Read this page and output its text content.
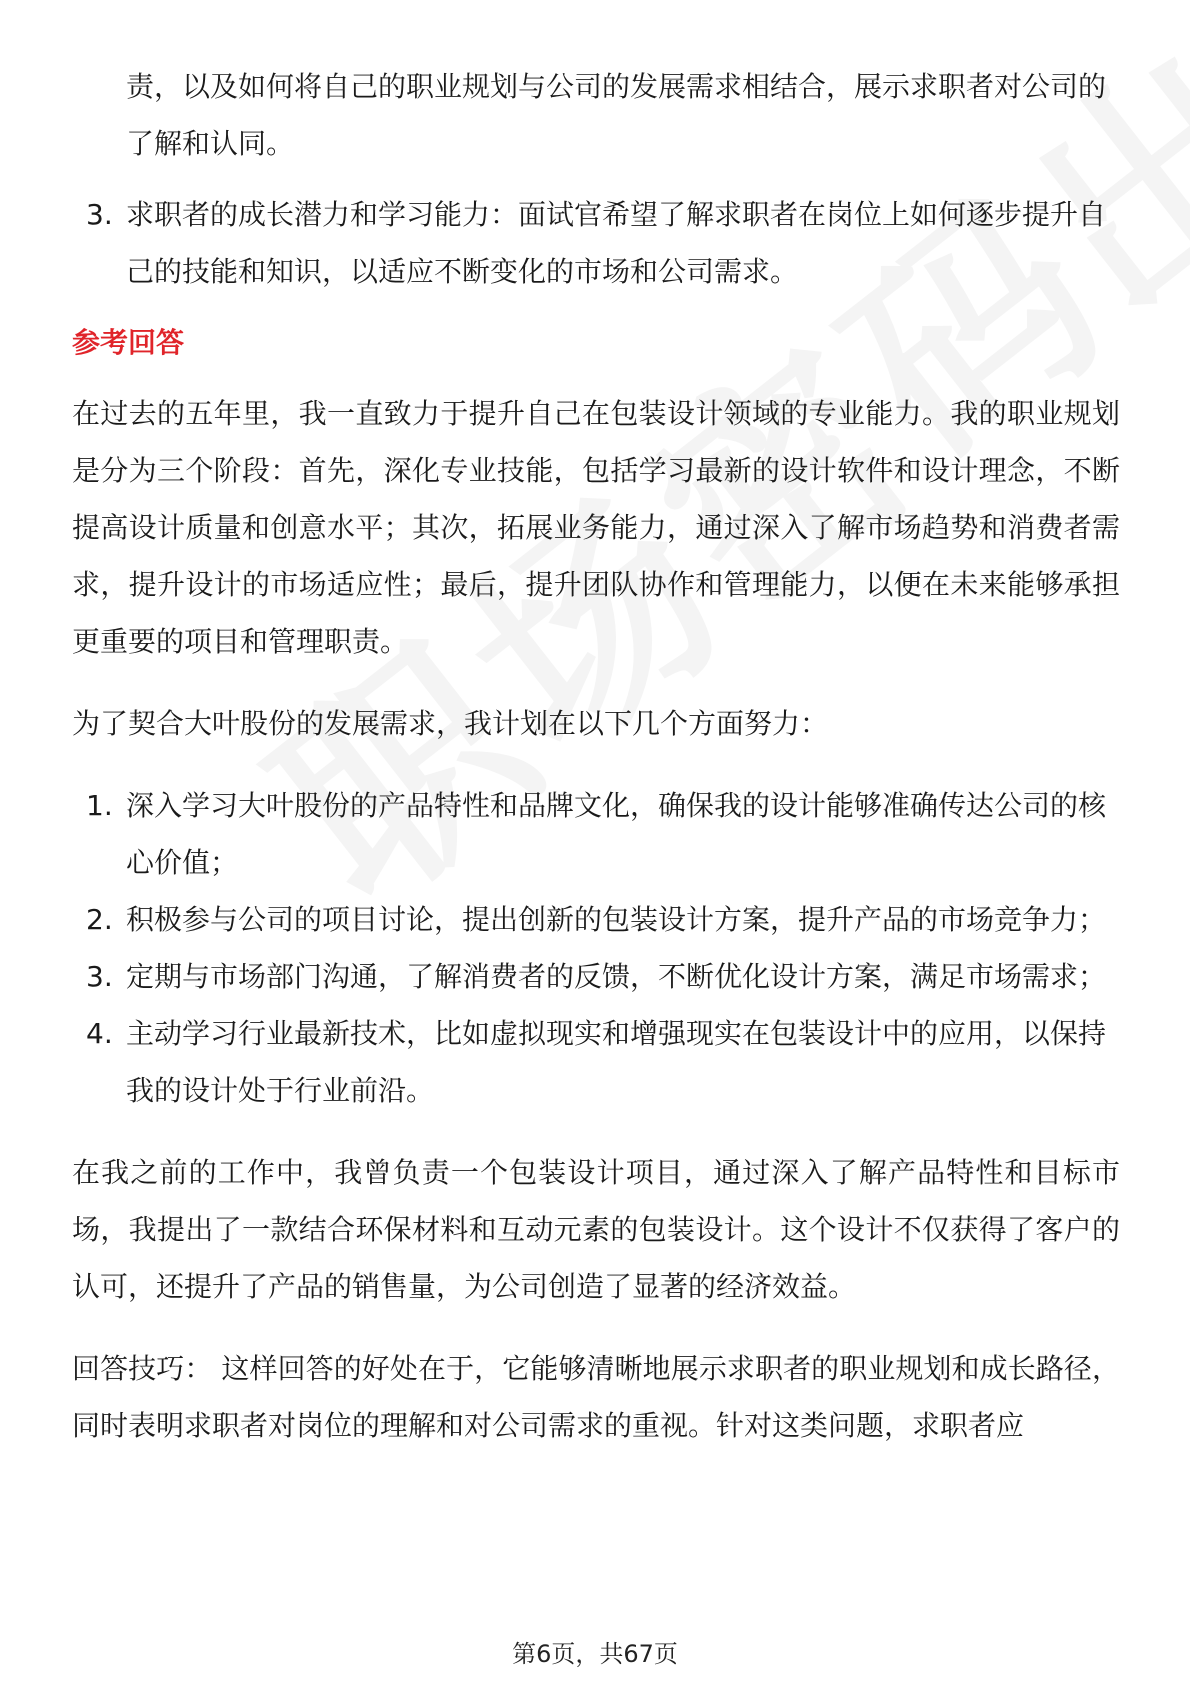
责，以及如何将自己的职业规划与公司的发展需求相结合，展示求职者对公司的了解和认同。

3. 求职者的成长潜力和学习能力：面试官希望了解求职者在岗位上如何逐步提升自己的技能和知识，以适应不断变化的市场和公司需求。

参考回答

在过去的五年里，我一直致力于提升自己在包装设计领域的专业能力。我的职业规划是分为三个阶段：首先，深化专业技能，包括学习最新的设计软件和设计理念，不断提高设计质量和创意水平；其次，拓展业务能力，通过深入了解市场趋势和消费者需求，提升设计的市场适应性；最后，提升团队协作和管理能力，以便在未来能够承担更重要的项目和管理职责。

为了契合大叶股份的发展需求，我计划在以下几个方面努力：

1. 深入学习大叶股份的产品特性和品牌文化，确保我的设计能够准确传达公司的核心价值；
2. 积极参与公司的项目讨论，提出创新的包装设计方案，提升产品的市场竞争力；
3. 定期与市场部门沟通，了解消费者的反馈，不断优化设计方案，满足市场需求；
4. 主动学习行业最新技术，比如虚拟现实和增强现实在包装设计中的应用，以保持我的设计处于行业前沿。

在我之前的工作中，我曾负责一个包装设计项目，通过深入了解产品特性和目标市场，我提出了一款结合环保材料和互动元素的包装设计。这个设计不仅获得了客户的认可，还提升了产品的销售量，为公司创造了显著的经济效益。

回答技巧： 这样回答的好处在于，它能够清晰地展示求职者的职业规划和成长路径，同时表明求职者对岗位的理解和对公司需求的重视。针对这类问题，求职者应

第6页，共67页
